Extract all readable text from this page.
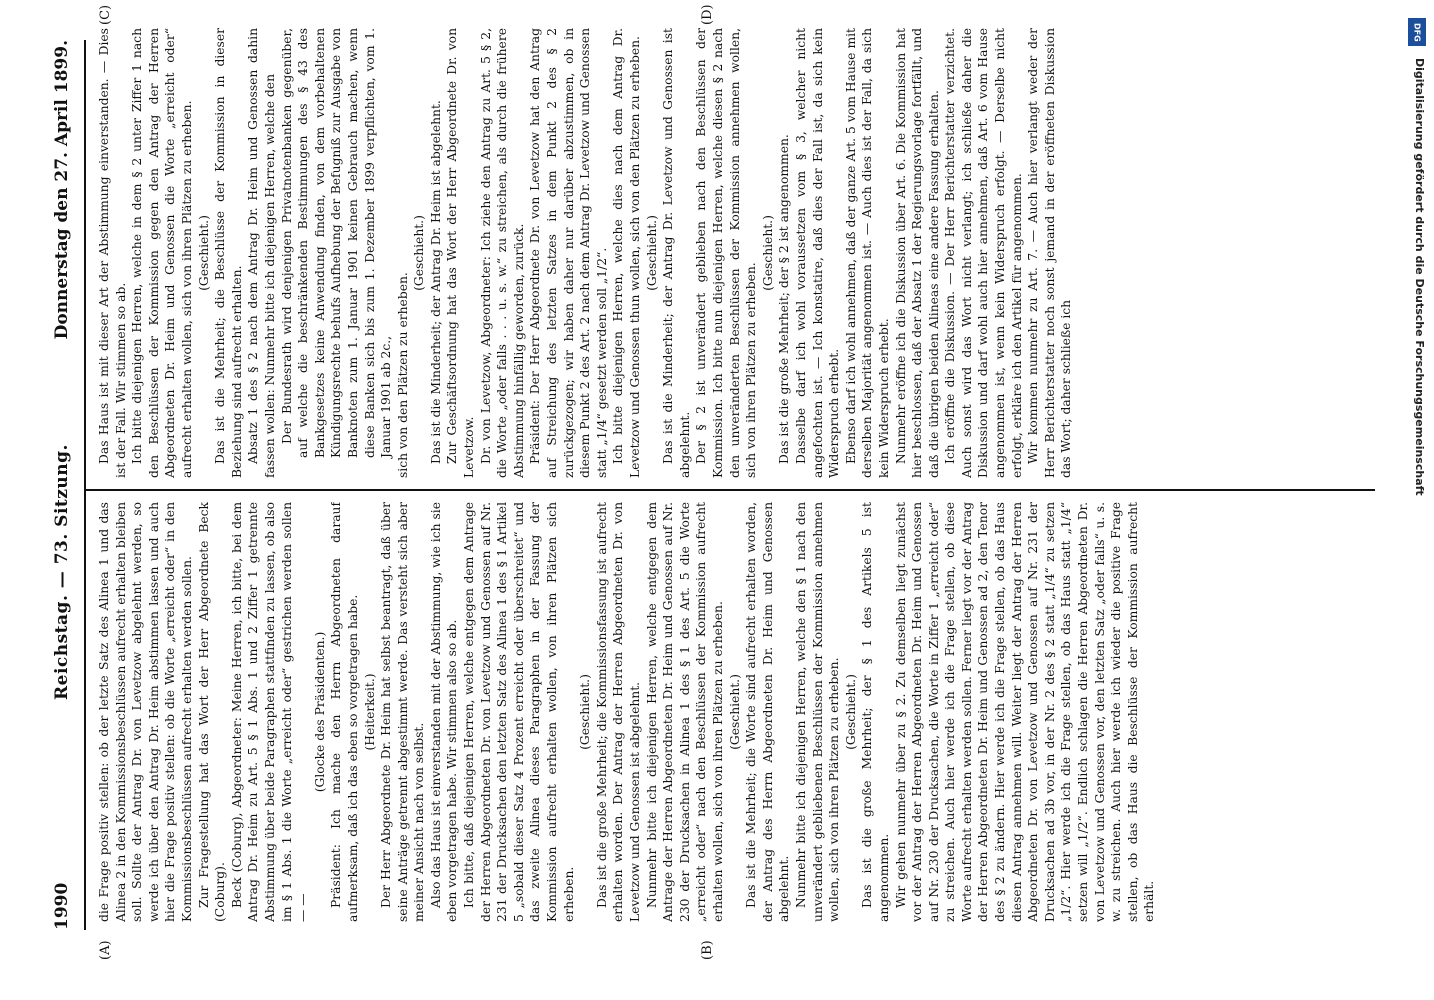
1990
Reichstag. — 73. Sitzung.
Donnerstag den 27. April 1899.
(A)	(B)
(C)	(D)

die Frage positiv stellen: ob der letzte Satz des Alinea 1 und das Alinea 2 in den Kommissionsbeschlüssen aufrecht erhalten bleiben soll. Sollte der Antrag Dr. von Levetzow abgelehnt werden, so werde ich über den Antrag Dr. Heim abstimmen lassen und auch hier die Frage positiv stellen: ob die Worte „erreicht oder“ in den Kommissionsbeschlüssen aufrecht erhalten werden sollen. Zur Fragestellung hat das Wort der Herr Abgeordnete Beck (Coburg). Beck (Coburg), Abgeordneter: Meine Herren, ich bitte, bei dem Antrag Dr. Heim zu Art. 5 § 1 Abs. 1 und 2 Ziffer 1 getrennte Abstimmung über beide Paragraphen stattfinden zu lassen, ob also im § 1 Abs. 1 die Worte „erreicht oder“ gestrichen werden sollen — —

(Glocke des Präsidenten.) Präsident: Ich mache den Herrn Abgeordneten darauf aufmerksam, daß ich das eben so vorgetragen habe. (Heiterkeit.) Der Herr Abgeordnete Dr. Heim hat selbst beantragt, daß über seine Anträge getrennt abgestimmt werde. Das versteht sich aber meiner Ansicht nach von selbst. Also das Haus ist einverstanden mit der Abstimmung, wie ich sie eben vorgetragen habe. Wir stimmen also so ab. Ich bitte, daß diejenigen Herren, welche entgegen dem Antrage der Herren Abgeordneten Dr. von Levetzow und Genossen auf Nr. 231 der Drucksachen den letzten Satz des Alinea 1 des § 1 Artikel 5 „sobald dieser Satz 4 Prozent erreicht oder überschreitet“ und das zweite Alinea dieses Paragraphen in der Fassung der Kommission aufrecht erhalten wollen, von ihren Plätzen sich erheben.

(Geschieht.) Das ist die große Mehrheit; die Kommissionsfassung ist aufrecht erhalten worden. Der Antrag der Herren Abgeordneten Dr. von Levetzow und Genossen ist abgelehnt. Nunmehr bitte ich diejenigen Herren, welche entgegen dem Antrage der Herren Abgeordneten Dr. Heim und Genossen auf Nr. 230 der Drucksachen in Alinea 1 des § 1 des Art. 5 die Worte „erreicht oder“ nach den Beschlüssen der Kommission aufrecht erhalten wollen, sich von ihren Plätzen zu erheben. (Geschieht.) Das ist die Mehrheit; die Worte sind aufrecht erhalten worden, der Antrag des Herrn Abgeordneten Dr. Heim und Genossen abgelehnt. Nunmehr bitte ich diejenigen Herren, welche den § 1 nach den unverändert gebliebenen Beschlüssen der Kommission annehmen wollen, sich von ihren Plätzen zu erheben. (Geschieht.) Das ist die große Mehrheit; der § 1 des Artikels 5 ist angenommen. Wir gehen nunmehr über zu § 2. Zu demselben liegt zunächst vor der Antrag der Herren Abgeordneten Dr. Heim und Genossen auf Nr. 230 der Drucksachen, die Worte in Ziffer 1 „erreicht oder“ zu streichen. Auch hier werde ich die Frage stellen, ob diese Worte aufrecht erhalten werden sollen. Ferner liegt vor der Antrag der Herren Abgeordneten Dr. Heim und Genossen ad 2, den Tenor des § 2 zu ändern. Hier werde ich die Frage stellen, ob das Haus diesen Antrag annehmen will. Weiter liegt der Antrag der Herren Abgeordneten Dr. von Levetzow und Genossen auf Nr. 231 der Drucksachen ad 3b vor, in der Nr. 2 des § 2 statt „1/4“ zu setzen „1/2“. Hier werde ich die Frage stellen, ob das Haus statt „1/4“ setzen will „1/2“. Endlich schlagen die Herren Abgeordneten Dr. von Levetzow und Genossen vor, den letzten Satz „oder falls“ u. s. w. zu streichen. Auch hier werde ich wieder die positive Frage stellen, ob das Haus die Beschlüsse der Kommission aufrecht erhält.

Das Haus ist mit dieser Art der Abstimmung einverstanden. — Dies ist der Fall. Wir stimmen so ab. Ich bitte diejenigen Herren, welche in dem § 2 unter Ziffer 1 nach den Beschlüssen der Kommission gegen den Antrag der Herren Abgeordneten Dr. Heim und Genossen die Worte „erreicht oder“ aufrecht erhalten wollen, sich von ihren Plätzen zu erheben. (Geschieht.) Das ist die Mehrheit; die Beschlüsse der Kommission in dieser Beziehung sind aufrecht erhalten. Absatz 1 des § 2 nach dem Antrag Dr. Heim und Genossen dahin fassen wollen: Nunmehr bitte ich diejenigen Herren, welche den Der Bundesrath wird denjenigen Privatnotenbanken gegenüber, auf welche die beschränkenden Bestimmungen des § 43 des Bankgesetzes keine Anwendung finden, von dem vorbehaltenen Kündigungsrechte behufs Aufhebung der Befugniß zur Ausgabe von Banknoten zum 1. Januar 1901 keinen Gebrauch machen, wenn diese Banken sich bis zum 1. Dezember 1899 verpflichten, vom 1. Januar 1901 ab 2c., sich von den Plätzen zu erheben.

(Geschieht.) Das ist die Minderheit; der Antrag Dr. Heim ist abgelehnt. Zur Geschäftsordnung hat das Wort der Herr Abgeordnete Dr. von Levetzow. Dr. von Levetzow, Abgeordneter: Ich ziehe den Antrag zu Art. 5 § 2, die Worte „oder falls . . . u. s. w.“ zu streichen, als durch die frühere Abstimmung hinfällig geworden, zurück. Präsident: Der Herr Abgeordnete Dr. von Levetzow hat den Antrag auf Streichung des letzten Satzes in dem Punkt 2 des § 2 zurückgezogen; wir haben daher nur darüber abzustimmen, ob in diesem Punkt 2 des Art. 2 nach dem Antrag Dr. Levetzow und Genossen statt „1/4“ gesetzt werden soll „1/2“. Ich bitte diejenigen Herren, welche dies nach dem Antrag Dr. Levetzow und Genossen thun wollen, sich von den Plätzen zu erheben. (Geschieht.) Das ist die Minderheit; der Antrag Dr. Levetzow und Genossen ist abgelehnt. Der § 2 ist unverändert geblieben nach den Beschlüssen der Kommission. Ich bitte nun diejenigen Herren, welche diesen § 2 nach den unveränderten Beschlüssen der Kommission annehmen wollen, sich von ihren Plätzen zu erheben.

(Geschieht.) Das ist die große Mehrheit; der § 2 ist angenommen. Dasselbe darf ich wohl voraussetzen vom § 3, welcher nicht angefochten ist. — Ich konstatire, daß dies der Fall ist, da sich kein Widerspruch erhebt. Ebenso darf ich wohl annehmen, daß der ganze Art. 5 vom Hause mit derselben Majorität angenommen ist. — Auch dies ist der Fall, da sich kein Widerspruch erhebt. Nunmehr eröffne ich die Diskussion über Art. 6. Die Kommission hat hier beschlossen, daß der Absatz 1 der Regierungsvorlage fortfällt, und daß die übrigen beiden Alineas eine andere Fassung erhalten. Ich eröffne die Diskussion. — Der Herr Berichterstatter verzichtet. Auch sonst wird das Wort nicht verlangt; ich schließe daher die Diskussion und darf wohl auch hier annehmen, daß Art. 6 vom Hause angenommen ist, wenn kein Widerspruch erfolgt. — Derselbe nicht erfolgt, erkläre ich den Artikel für angenommen. Wir kommen nunmehr zu Art. 7. — Auch hier verlangt weder der Herr Berichterstatter noch sonst jemand in der eröffneten Diskussion das Wort; daher schließe ich

DFG
Digitalisierung gefördert durch die Deutsche Forschungsgemeinschaft
